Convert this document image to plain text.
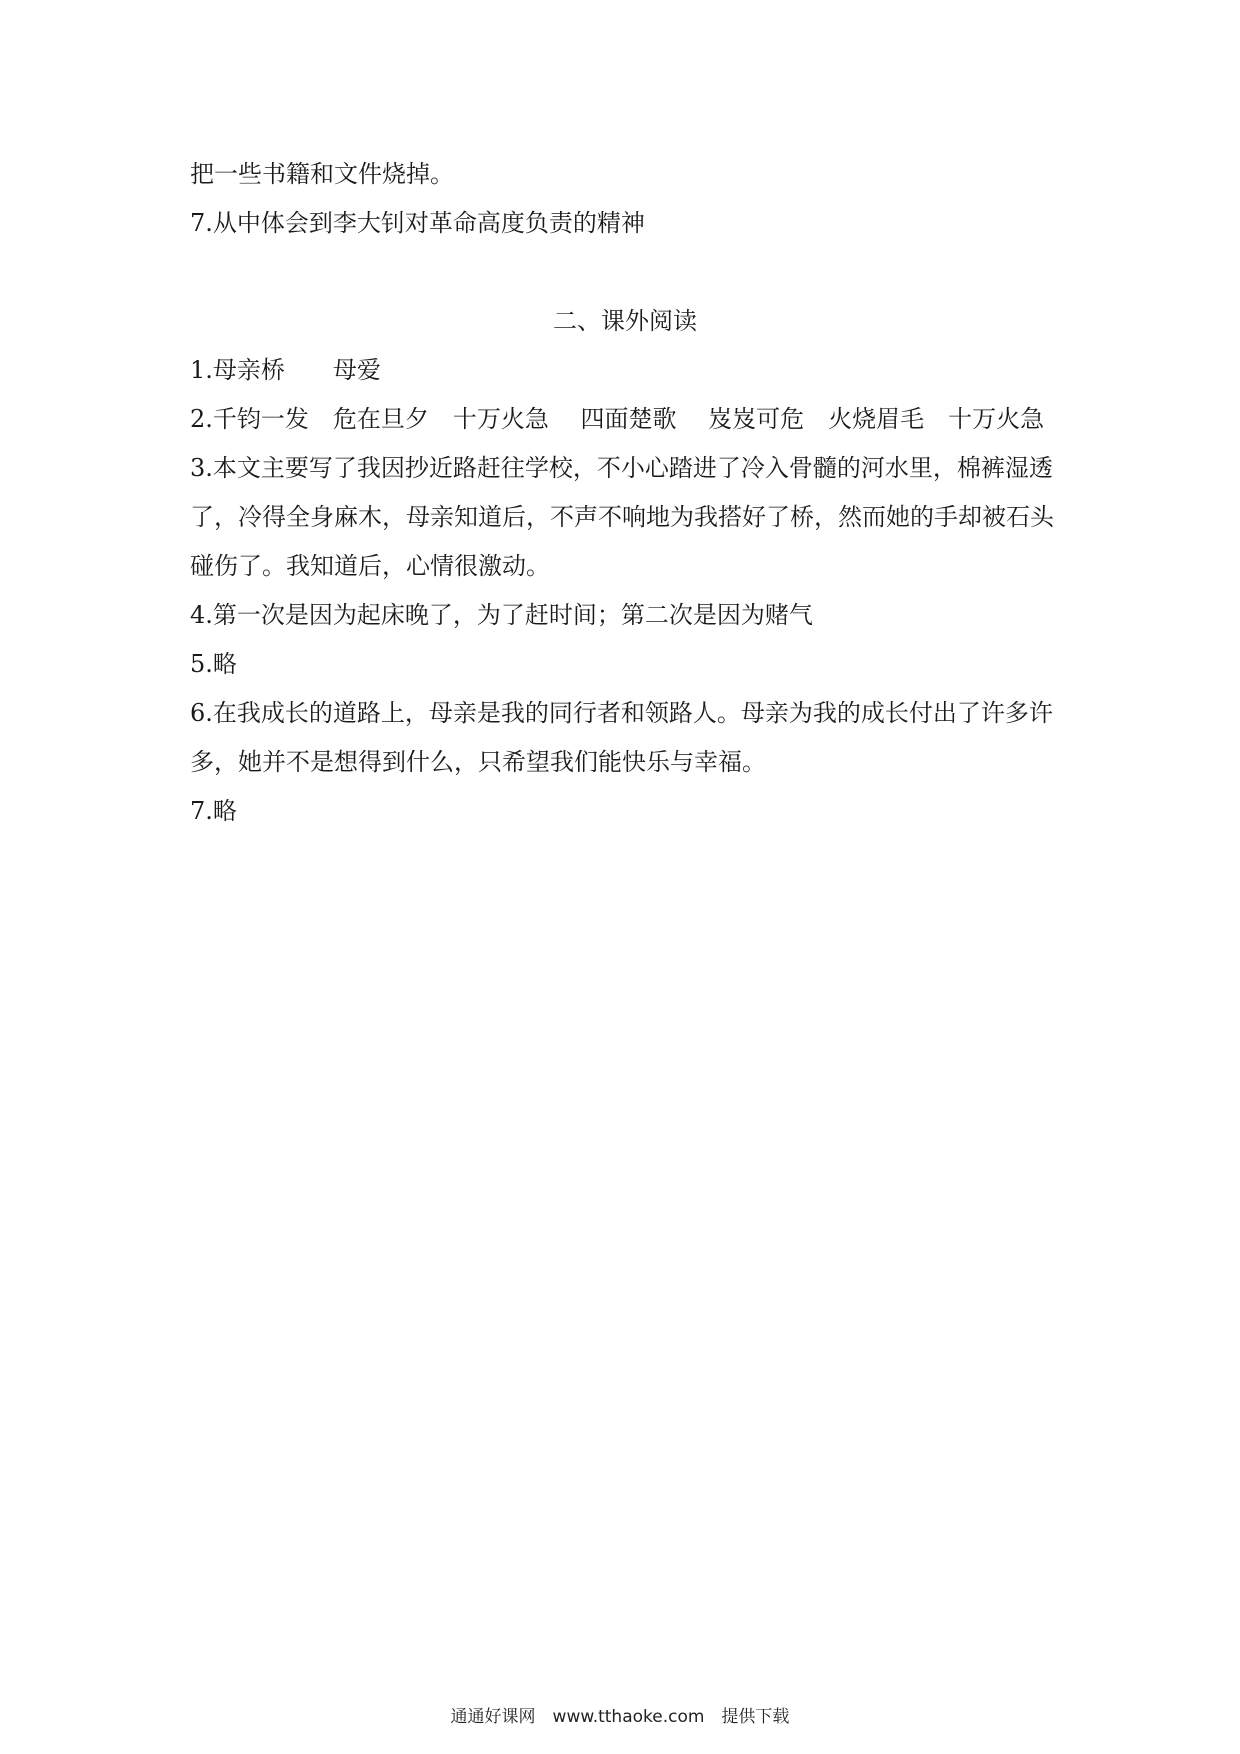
把一些书籍和文件烧掉。

7.从中体会到李大钊对革命高度负责的精神

二、课外阅读

1.母亲桥　　母爱

2.千钧一发　危在旦夕　十万火急　 四面楚歌　 岌岌可危　火烧眉毛　十万火急

3.本文主要写了我因抄近路赶往学校，不小心踏进了冷入骨髓的河水里，棉裤湿透了，冷得全身麻木，母亲知道后，不声不响地为我搭好了桥，然而她的手却被石头碰伤了。我知道后，心情很激动。

4.第一次是因为起床晚了，为了赶时间；第二次是因为赌气

5.略

6.在我成长的道路上，母亲是我的同行者和领路人。母亲为我的成长付出了许多许多，她并不是想得到什么，只希望我们能快乐与幸福。

7.略

通通好课网　www.tthaoke.com　提供下载
